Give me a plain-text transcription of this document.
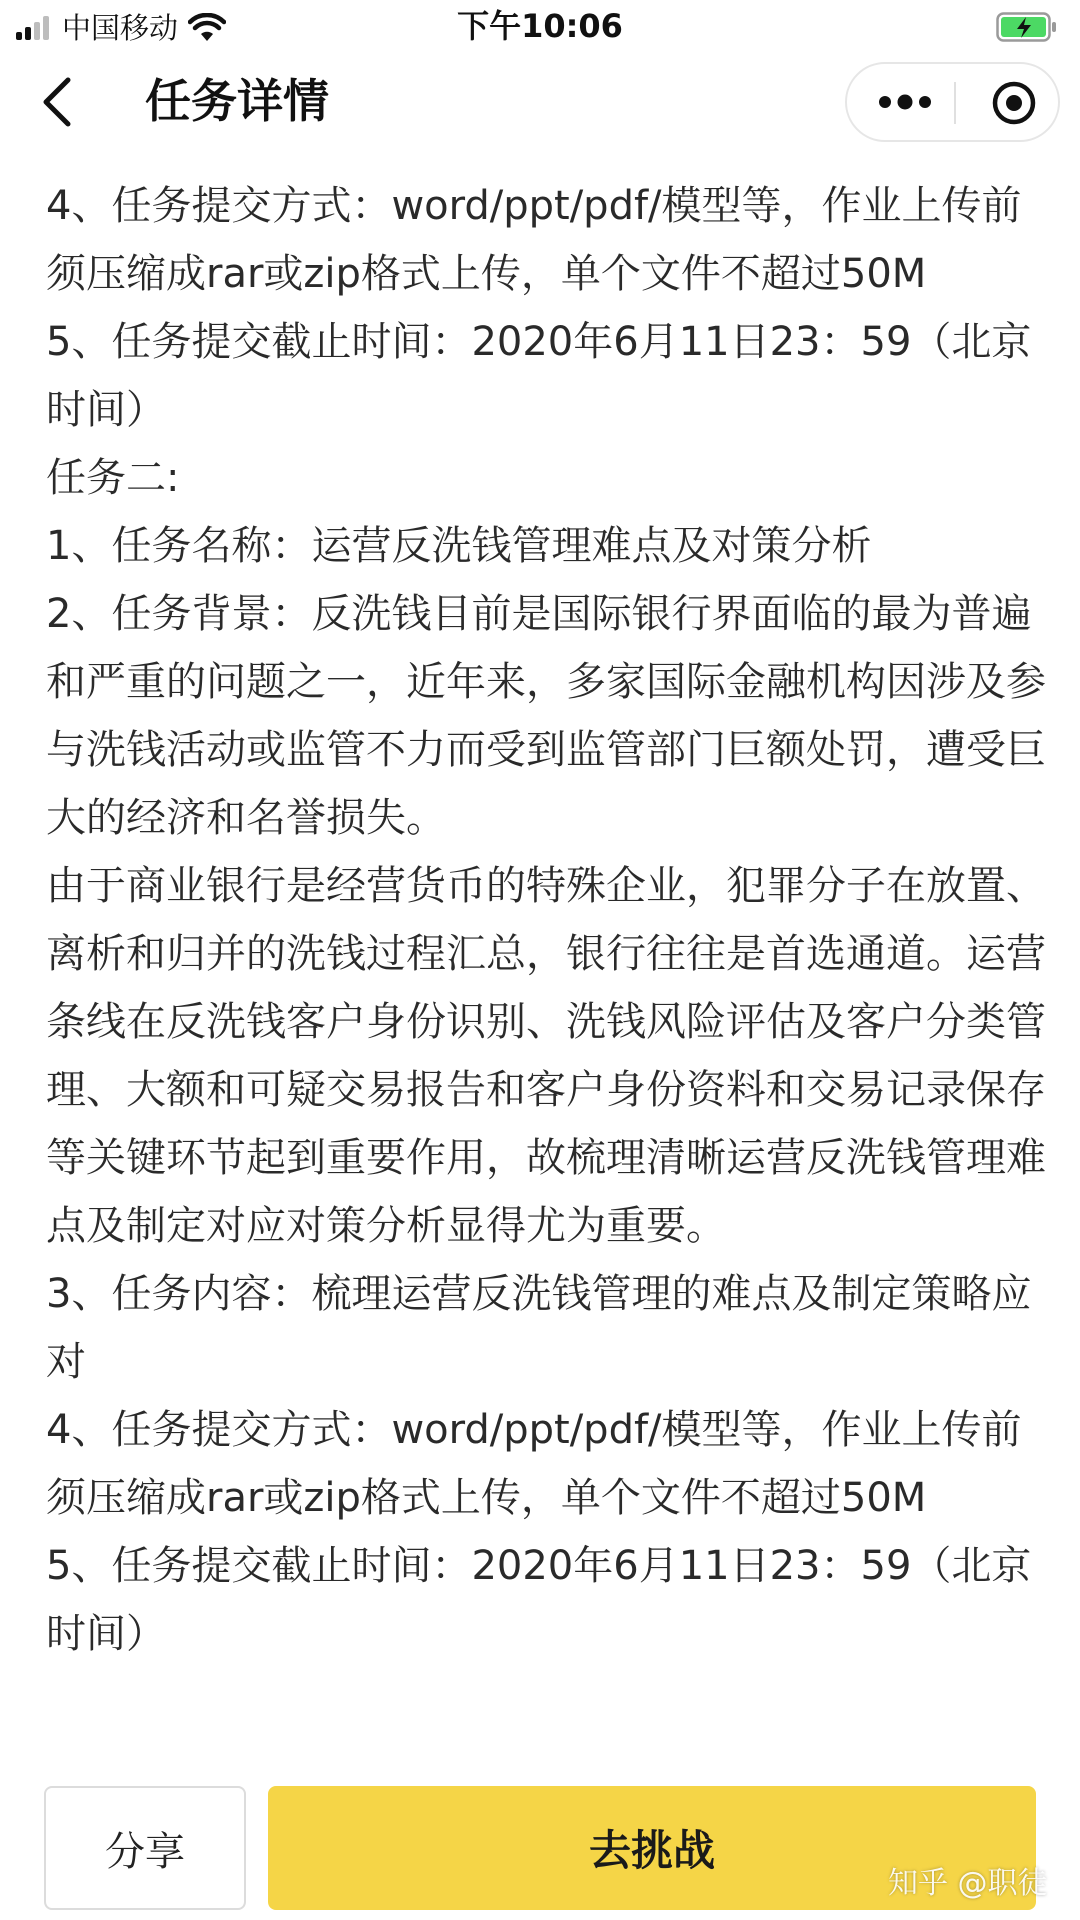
中国移动	下午10:06
任务详情

4、任务提交方式：word/ppt/pdf/模型等，作业上传前须压缩成rar或zip格式上传，单个文件不超过50M

5、任务提交截止时间：2020年6月11日23：59（北京时间）

任务二:

1、任务名称：运营反洗钱管理难点及对策分析

2、任务背景：反洗钱目前是国际银行界面临的最为普遍和严重的问题之一，近年来，多家国际金融机构因涉及参与洗钱活动或监管不力而受到监管部门巨额处罚，遭受巨大的经济和名誉损失。

由于商业银行是经营货币的特殊企业，犯罪分子在放置、离析和归并的洗钱过程汇总，银行往往是首选通道。运营条线在反洗钱客户身份识别、洗钱风险评估及客户分类管理、大额和可疑交易报告和客户身份资料和交易记录保存等关键环节起到重要作用，故梳理清晰运营反洗钱管理难点及制定对应对策分析显得尤为重要。

3、任务内容：梳理运营反洗钱管理的难点及制定策略应对

4、任务提交方式：word/ppt/pdf/模型等，作业上传前须压缩成rar或zip格式上传，单个文件不超过50M

5、任务提交截止时间：2020年6月11日23：59（北京时间）

分享	去挑战
知乎 @职徒
